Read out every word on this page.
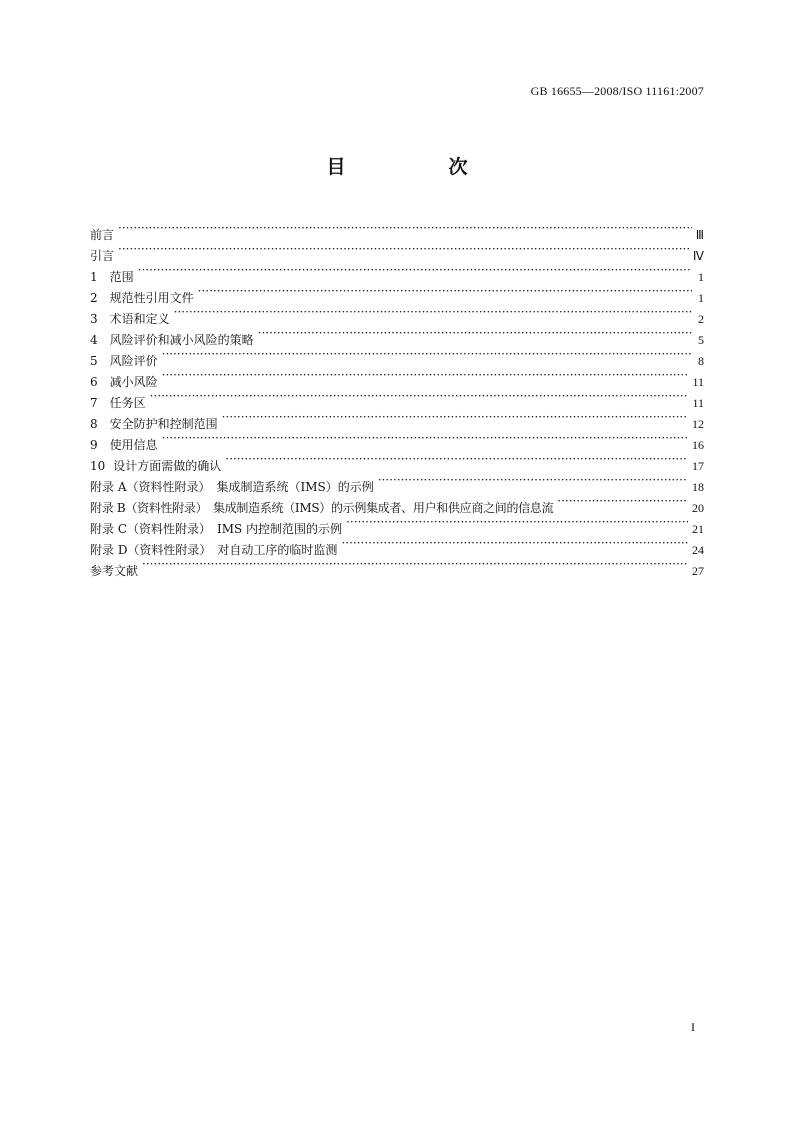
GB 16655—2008/ISO 11161:2007
目　次
前言 ·····	Ⅲ
引言 ·····	Ⅳ
1 范围 ·····	1
2 规范性引用文件 ·····	1
3 术语和定义 ·····	2
4 风险评价和减小风险的策略 ·····	5
5 风险评价 ·····	8
6 减小风险 ·····	11
7 任务区 ·····	11
8 安全防护和控制范围 ·····	12
9 使用信息 ·····	16
10 设计方面需做的确认 ·····	17
附录 A（资料性附录）　集成制造系统（IMS）的示例 ·····	18
附录 B（资料性附录）　集成制造系统（IMS）的示例集成者、用户和供应商之间的信息流 ·····	20
附录 C（资料性附录）　IMS 内控制范围的示例 ·····	21
附录 D（资料性附录）　对自动工序的临时监测 ·····	24
参考文献 ·····	27
I
